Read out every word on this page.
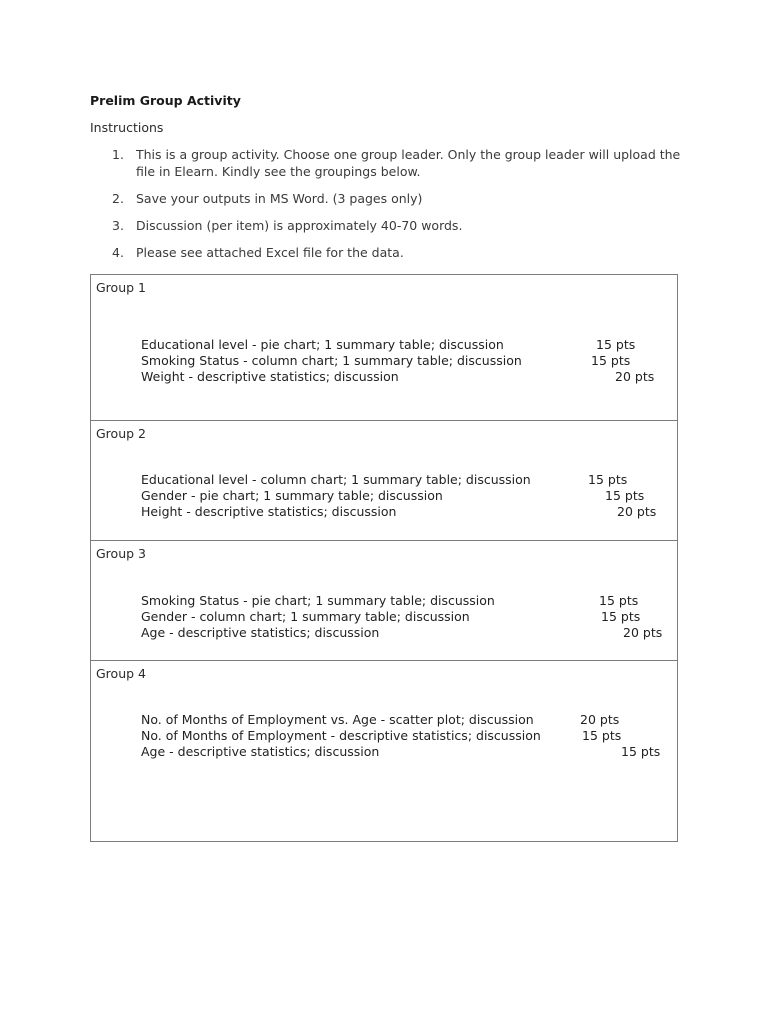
Prelim Group Activity
Instructions
1. This is a group activity. Choose one group leader. Only the group leader will upload the
file in Elearn. Kindly see the groupings below.
2. Save your outputs in MS Word. (3 pages only)
3. Discussion (per item) is approximately 40-70 words.
4. Please see attached Excel file for the data.
Group 1
Educational level - pie chart; 1 summary table; discussion	15 pts
Smoking Status - column chart; 1 summary table; discussion	15 pts
Weight - descriptive statistics; discussion	20 pts
Group 2
Educational level - column chart; 1 summary table; discussion	15 pts
Gender - pie chart; 1 summary table; discussion	15 pts
Height - descriptive statistics; discussion	20 pts
Group 3
Smoking Status - pie chart; 1 summary table; discussion	15 pts
Gender - column chart; 1 summary table; discussion	15 pts
Age - descriptive statistics; discussion	20 pts
Group 4
No. of Months of Employment vs. Age - scatter plot; discussion	20 pts
No. of Months of Employment - descriptive statistics; discussion	15 pts
Age - descriptive statistics; discussion	15 pts
